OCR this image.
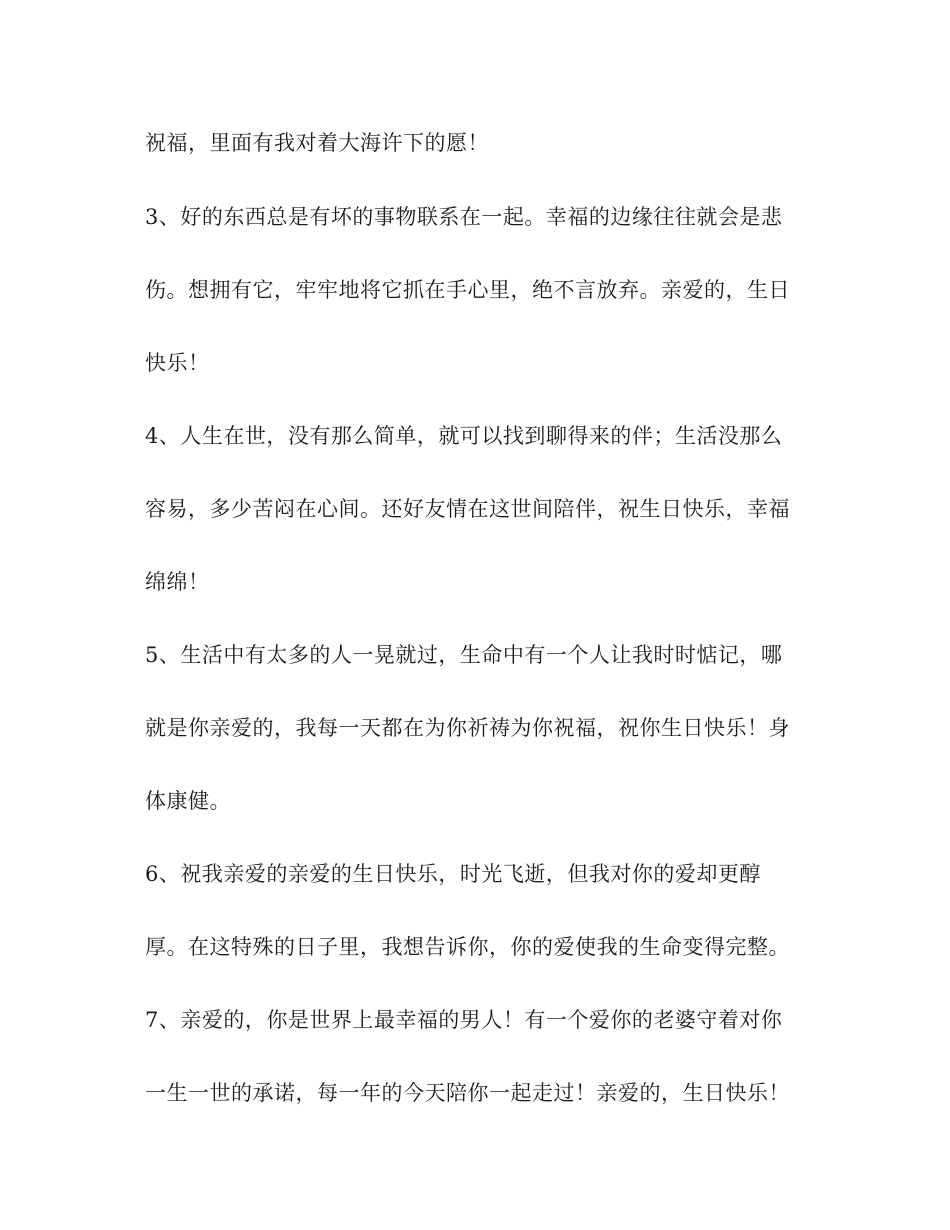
祝福，里面有我对着大海许下的愿！
3、好的东西总是有坏的事物联系在一起。幸福的边缘往往就会是悲
伤。想拥有它，牢牢地将它抓在手心里，绝不言放弃。亲爱的，生日
快乐！
4、人生在世，没有那么简单，就可以找到聊得来的伴；生活没那么
容易，多少苦闷在心间。还好友情在这世间陪伴，祝生日快乐，幸福
绵绵！
5、生活中有太多的人一晃就过，生命中有一个人让我时时惦记，哪
就是你亲爱的，我每一天都在为你祈祷为你祝福，祝你生日快乐！身
体康健。
6、祝我亲爱的亲爱的生日快乐，时光飞逝，但我对你的爱却更醇
厚。在这特殊的日子里，我想告诉你，你的爱使我的生命变得完整。
7、亲爱的，你是世界上最幸福的男人！有一个爱你的老婆守着对你
一生一世的承诺，每一年的今天陪你一起走过！亲爱的，生日快乐！
